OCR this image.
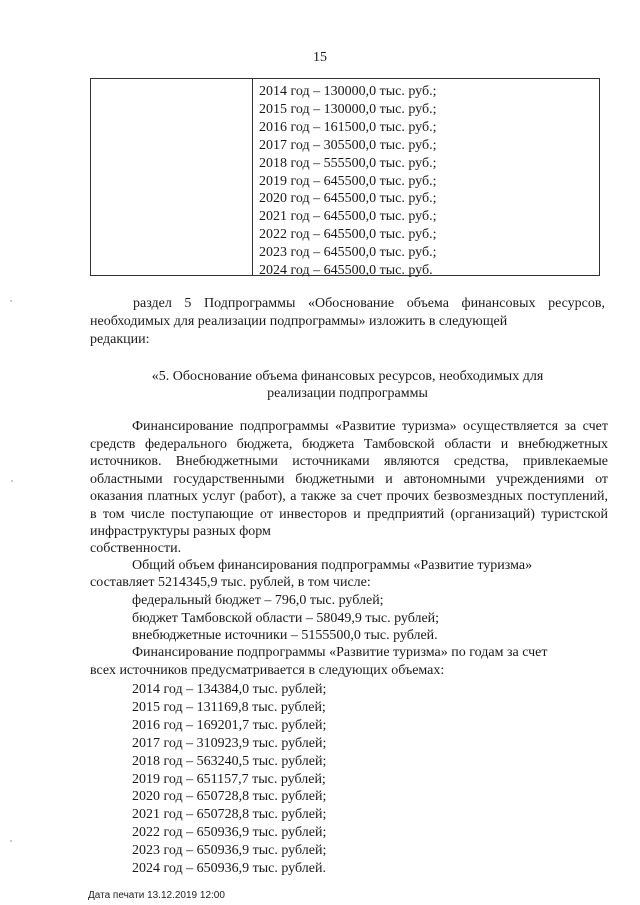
15
2014 год – 130000,0 тыс. руб.;
2015 год – 130000,0 тыс. руб.;
2016 год – 161500,0 тыс. руб.;
2017 год – 305500,0 тыс. руб.;
2018 год – 555500,0 тыс. руб.;
2019 год – 645500,0 тыс. руб.;
2020 год – 645500,0 тыс. руб.;
2021 год – 645500,0 тыс. руб.;
2022 год – 645500,0 тыс. руб.;
2023 год – 645500,0 тыс. руб.;
2024 год – 645500,0 тыс. руб.
раздел 5 Подпрограммы «Обоснование объема финансовых ресурсов, необходимых для реализации подпрограммы» изложить в следующей
редакции:
«5. Обоснование объема финансовых ресурсов, необходимых для
реализации подпрограммы
Финансирование подпрограммы «Развитие туризма» осуществляется за счет средств федерального бюджета, бюджета Тамбовской области и внебюджетных источников. Внебюджетными источниками являются средства, привлекаемые областными государственными бюджетными и автономными учреждениями от оказания платных услуг (работ), а также за счет прочих безвозмездных поступлений, в том числе поступающие от инвесторов и предприятий (организаций) туристской инфраструктуры разных форм
собственности.
Общий объем финансирования подпрограммы «Развитие туризма»
составляет 5214345,9 тыс. рублей, в том числе:
федеральный бюджет – 796,0 тыс. рублей;
бюджет Тамбовской области – 58049,9 тыс. рублей;
внебюджетные источники – 5155500,0 тыс. рублей.
Финансирование подпрограммы «Развитие туризма» по годам за счет
всех источников предусматривается в следующих объемах:
2014 год – 134384,0 тыс. рублей;
2015 год – 131169,8 тыс. рублей;
2016 год – 169201,7 тыс. рублей;
2017 год – 310923,9 тыс. рублей;
2018 год – 563240,5 тыс. рублей;
2019 год – 651157,7 тыс. рублей;
2020 год – 650728,8 тыс. рублей;
2021 год – 650728,8 тыс. рублей;
2022 год – 650936,9 тыс. рублей;
2023 год – 650936,9 тыс. рублей;
2024 год – 650936,9 тыс. рублей.
Дата печати 13.12.2019 12:00
